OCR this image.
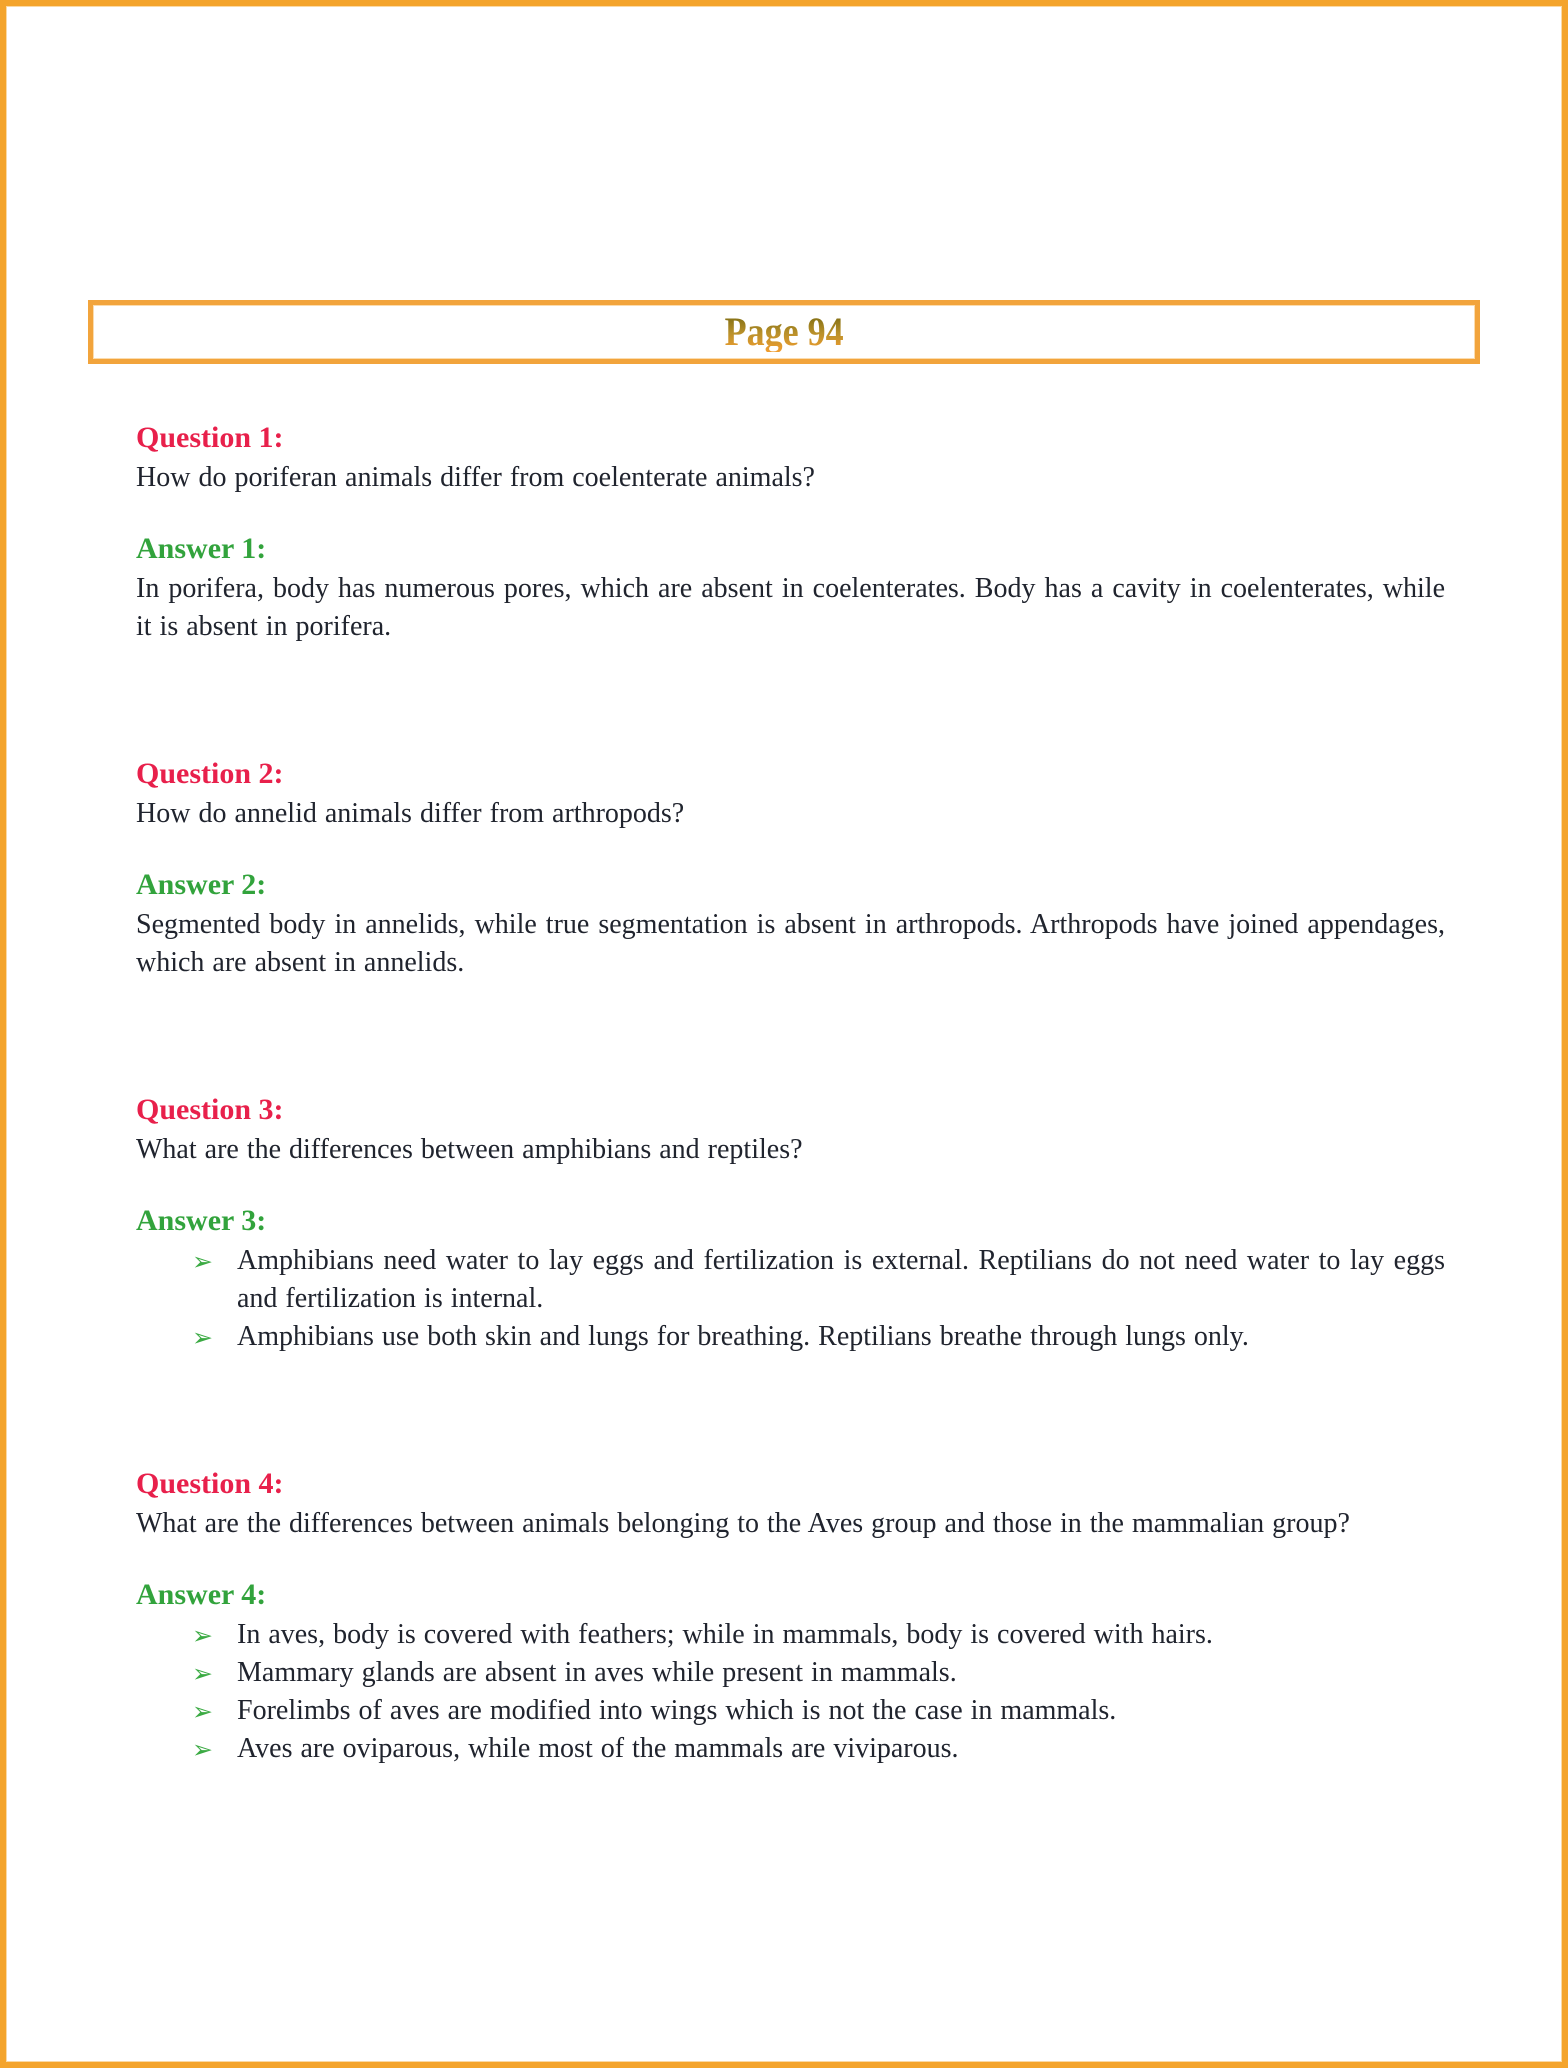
Page 94
Question 1:

How do poriferan animals differ from coelenterate animals?

Answer 1:

In porifera, body has numerous pores, which are absent in coelenterates. Body has a cavity in coelenterates, while it is absent in porifera.

Question 2:

How do annelid animals differ from arthropods?

Answer 2:

Segmented body in annelids, while true segmentation is absent in arthropods. Arthropods have joined appendages, which are absent in annelids.

Question 3:

What are the differences between amphibians and reptiles?

Answer 3:
➢ Amphibians need water to lay eggs and fertilization is external. Reptilians do not need water to lay eggs and fertilization is internal.
➢ Amphibians use both skin and lungs for breathing. Reptilians breathe through lungs only.
Question 4:

What are the differences between animals belonging to the Aves group and those in the mammalian group?

Answer 4:
➢ In aves, body is covered with feathers; while in mammals, body is covered with hairs.
➢ Mammary glands are absent in aves while present in mammals.
➢ Forelimbs of aves are modified into wings which is not the case in mammals.
➢ Aves are oviparous, while most of the mammals are viviparous.
